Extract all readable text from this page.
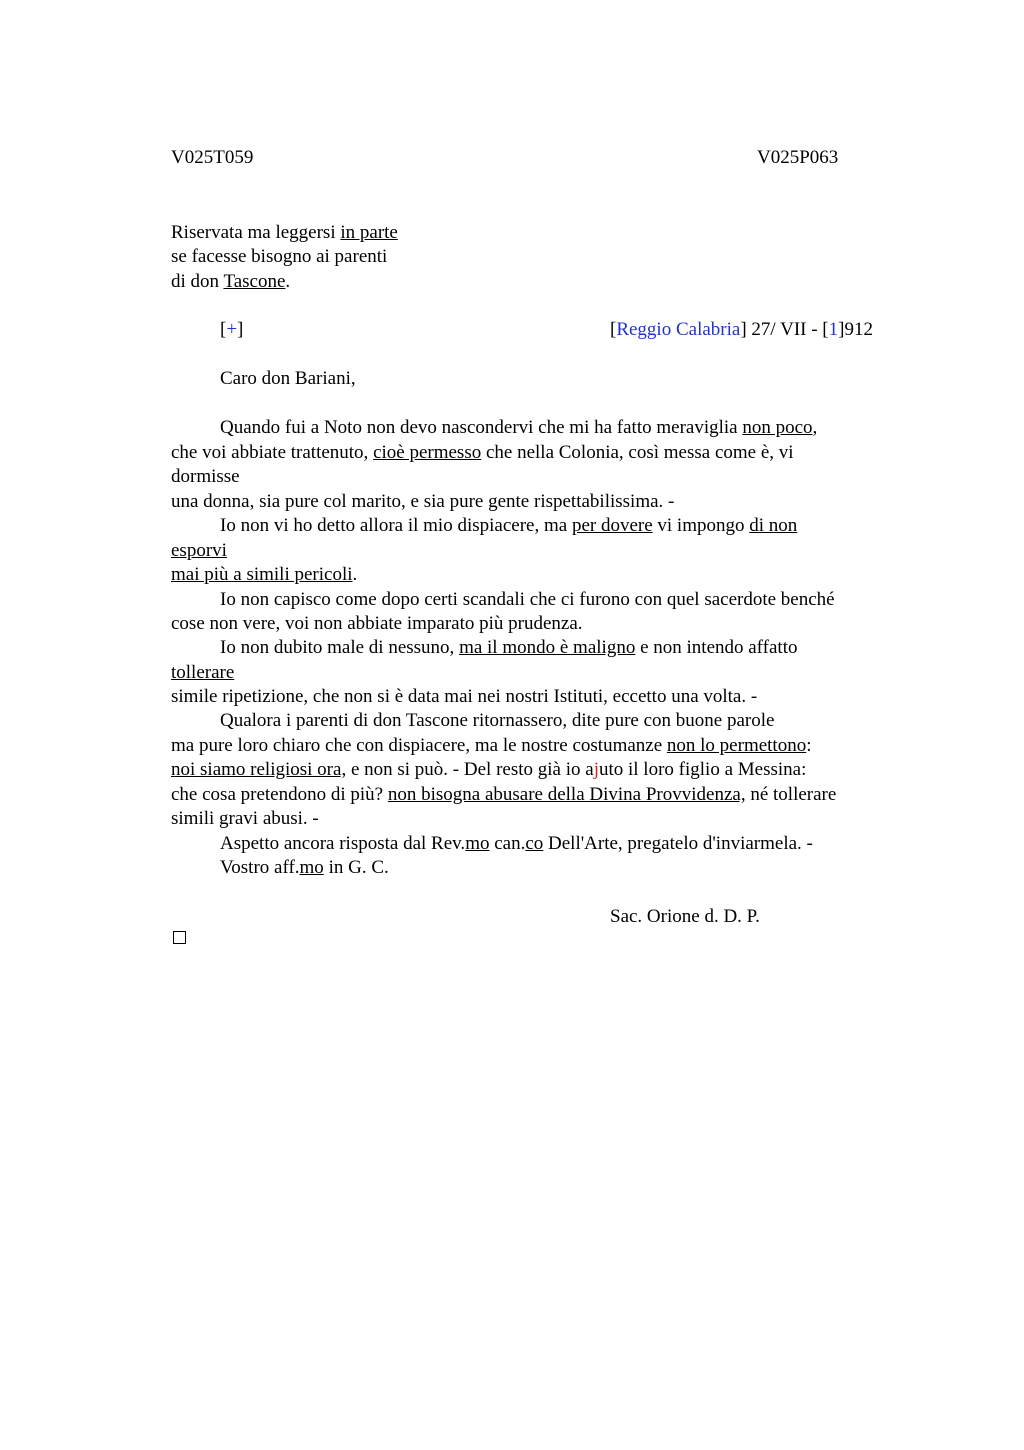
V025T059	V025P063
Riservata ma leggersi in parte
se facesse bisogno ai parenti
di don Tascone.
[+]	[Reggio Calabria] 27/ VII - [1]912
Caro don Bariani,
Quando fui a Noto non devo nascondervi che mi ha fatto meraviglia non poco,
che voi abbiate trattenuto, cioè permesso che nella Colonia, così messa come è, vi
dormisse
una donna, sia pure col marito, e sia pure gente rispettabilissima. -
Io non vi ho detto allora il mio dispiacere, ma per dovere vi impongo di non
esporvi
mai più a simili pericoli.
Io non capisco come dopo certi scandali che ci furono con quel sacerdote benché
cose non vere, voi non abbiate imparato più prudenza.
Io non dubito male di nessuno, ma il mondo è maligno e non intendo affatto
tollerare
simile ripetizione, che non si è data mai nei nostri Istituti, eccetto una volta. -
Qualora i parenti di don Tascone ritornassero, dite pure con buone parole
ma pure loro chiaro che con dispiacere, ma le nostre costumanze non lo permettono:
noi siamo religiosi ora, e non si può. - Del resto già io ajuto il loro figlio a Messina:
che cosa pretendono di più? non bisogna abusare della Divina Provvidenza, né tollerare
simili gravi abusi. -
Aspetto ancora risposta dal Rev.mo can.co Dell'Arte, pregatelo d'inviarmela. -
Vostro aff.mo in G. C.
Sac. Orione d. D. P.
